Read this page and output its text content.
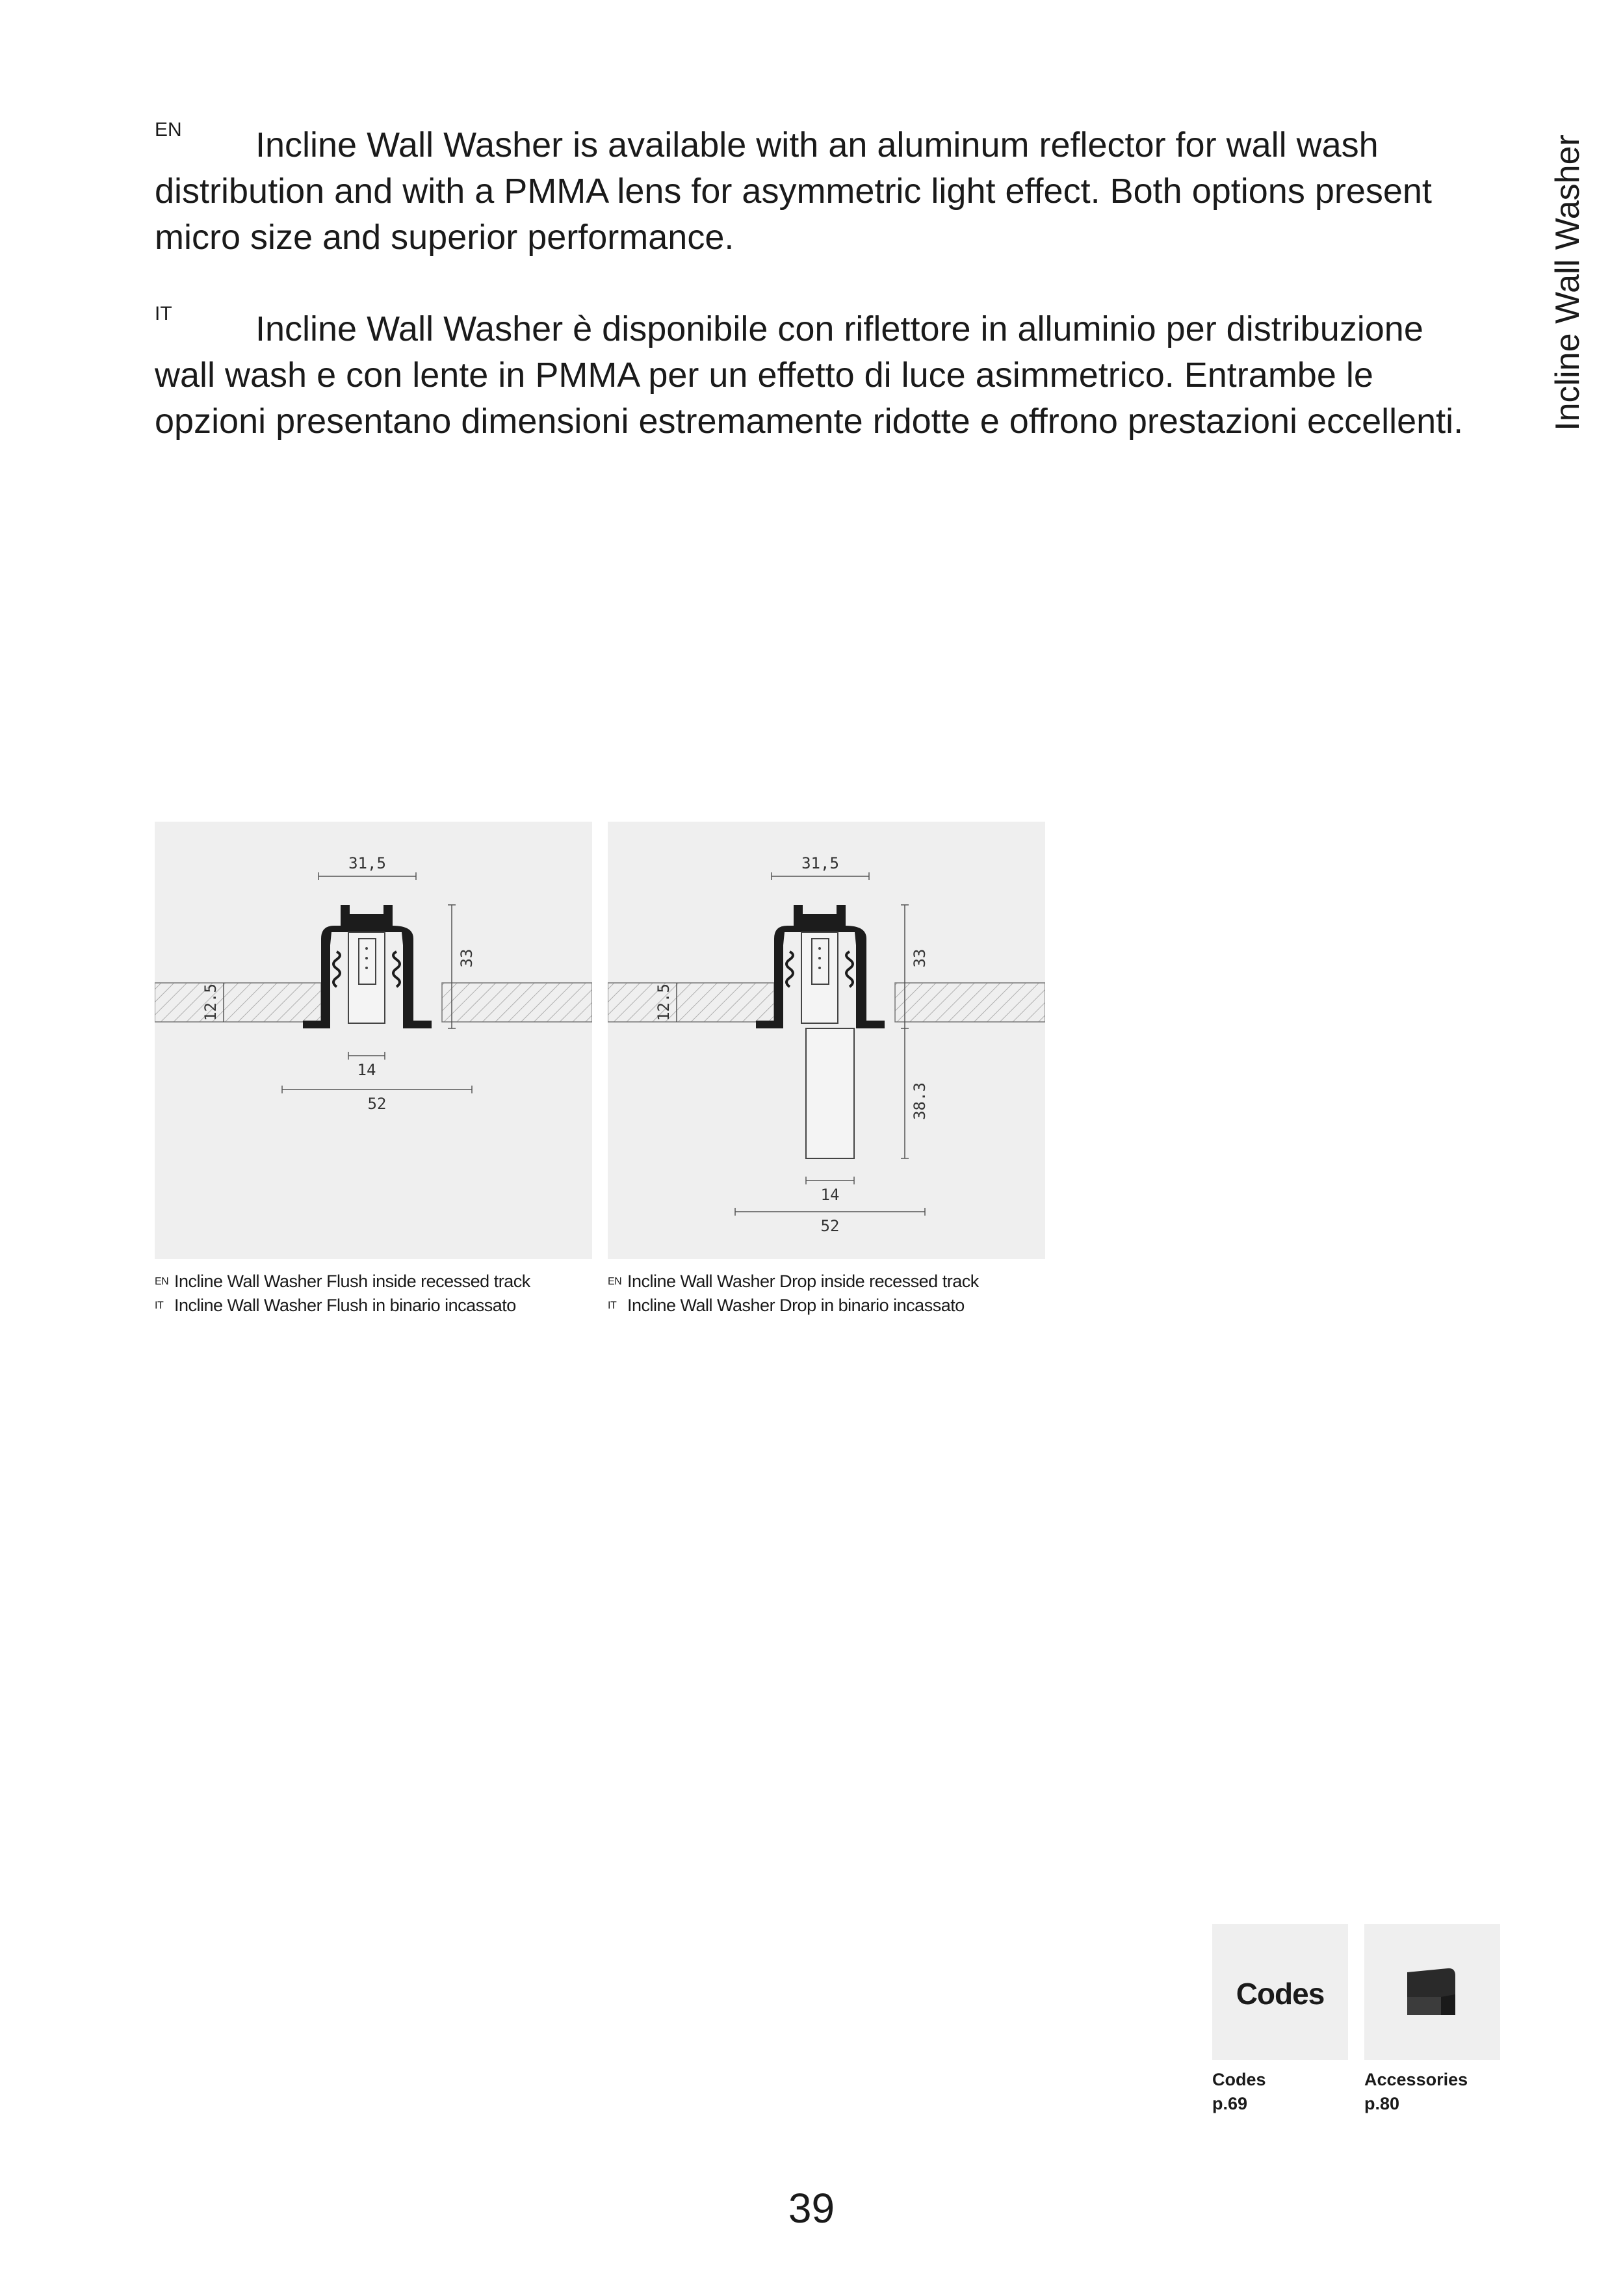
Incline Wall Washer
EN Incline Wall Washer is available with an aluminum reflector for wall wash distribution and with a PMMA lens for asymmetric light effect. Both options present micro size and superior performance.
IT Incline Wall Washer è disponibile con riflettore in alluminio per distribuzione wall wash e con lente in PMMA per un effetto di luce asimmetrico. Entrambe le opzioni presentano dimensioni estremamente ridotte e offrono prestazioni eccellenti.
31,5
33
12.5
14
52
EN Incline Wall Washer Flush inside recessed track
IT Incline Wall Washer Flush in binario incassato
31,5
33
12.5
38.3
14
52
EN Incline Wall Washer Drop inside recessed track
IT Incline Wall Washer Drop in binario incassato
Codes
Codes
p.69
Accessories
p.80
39
